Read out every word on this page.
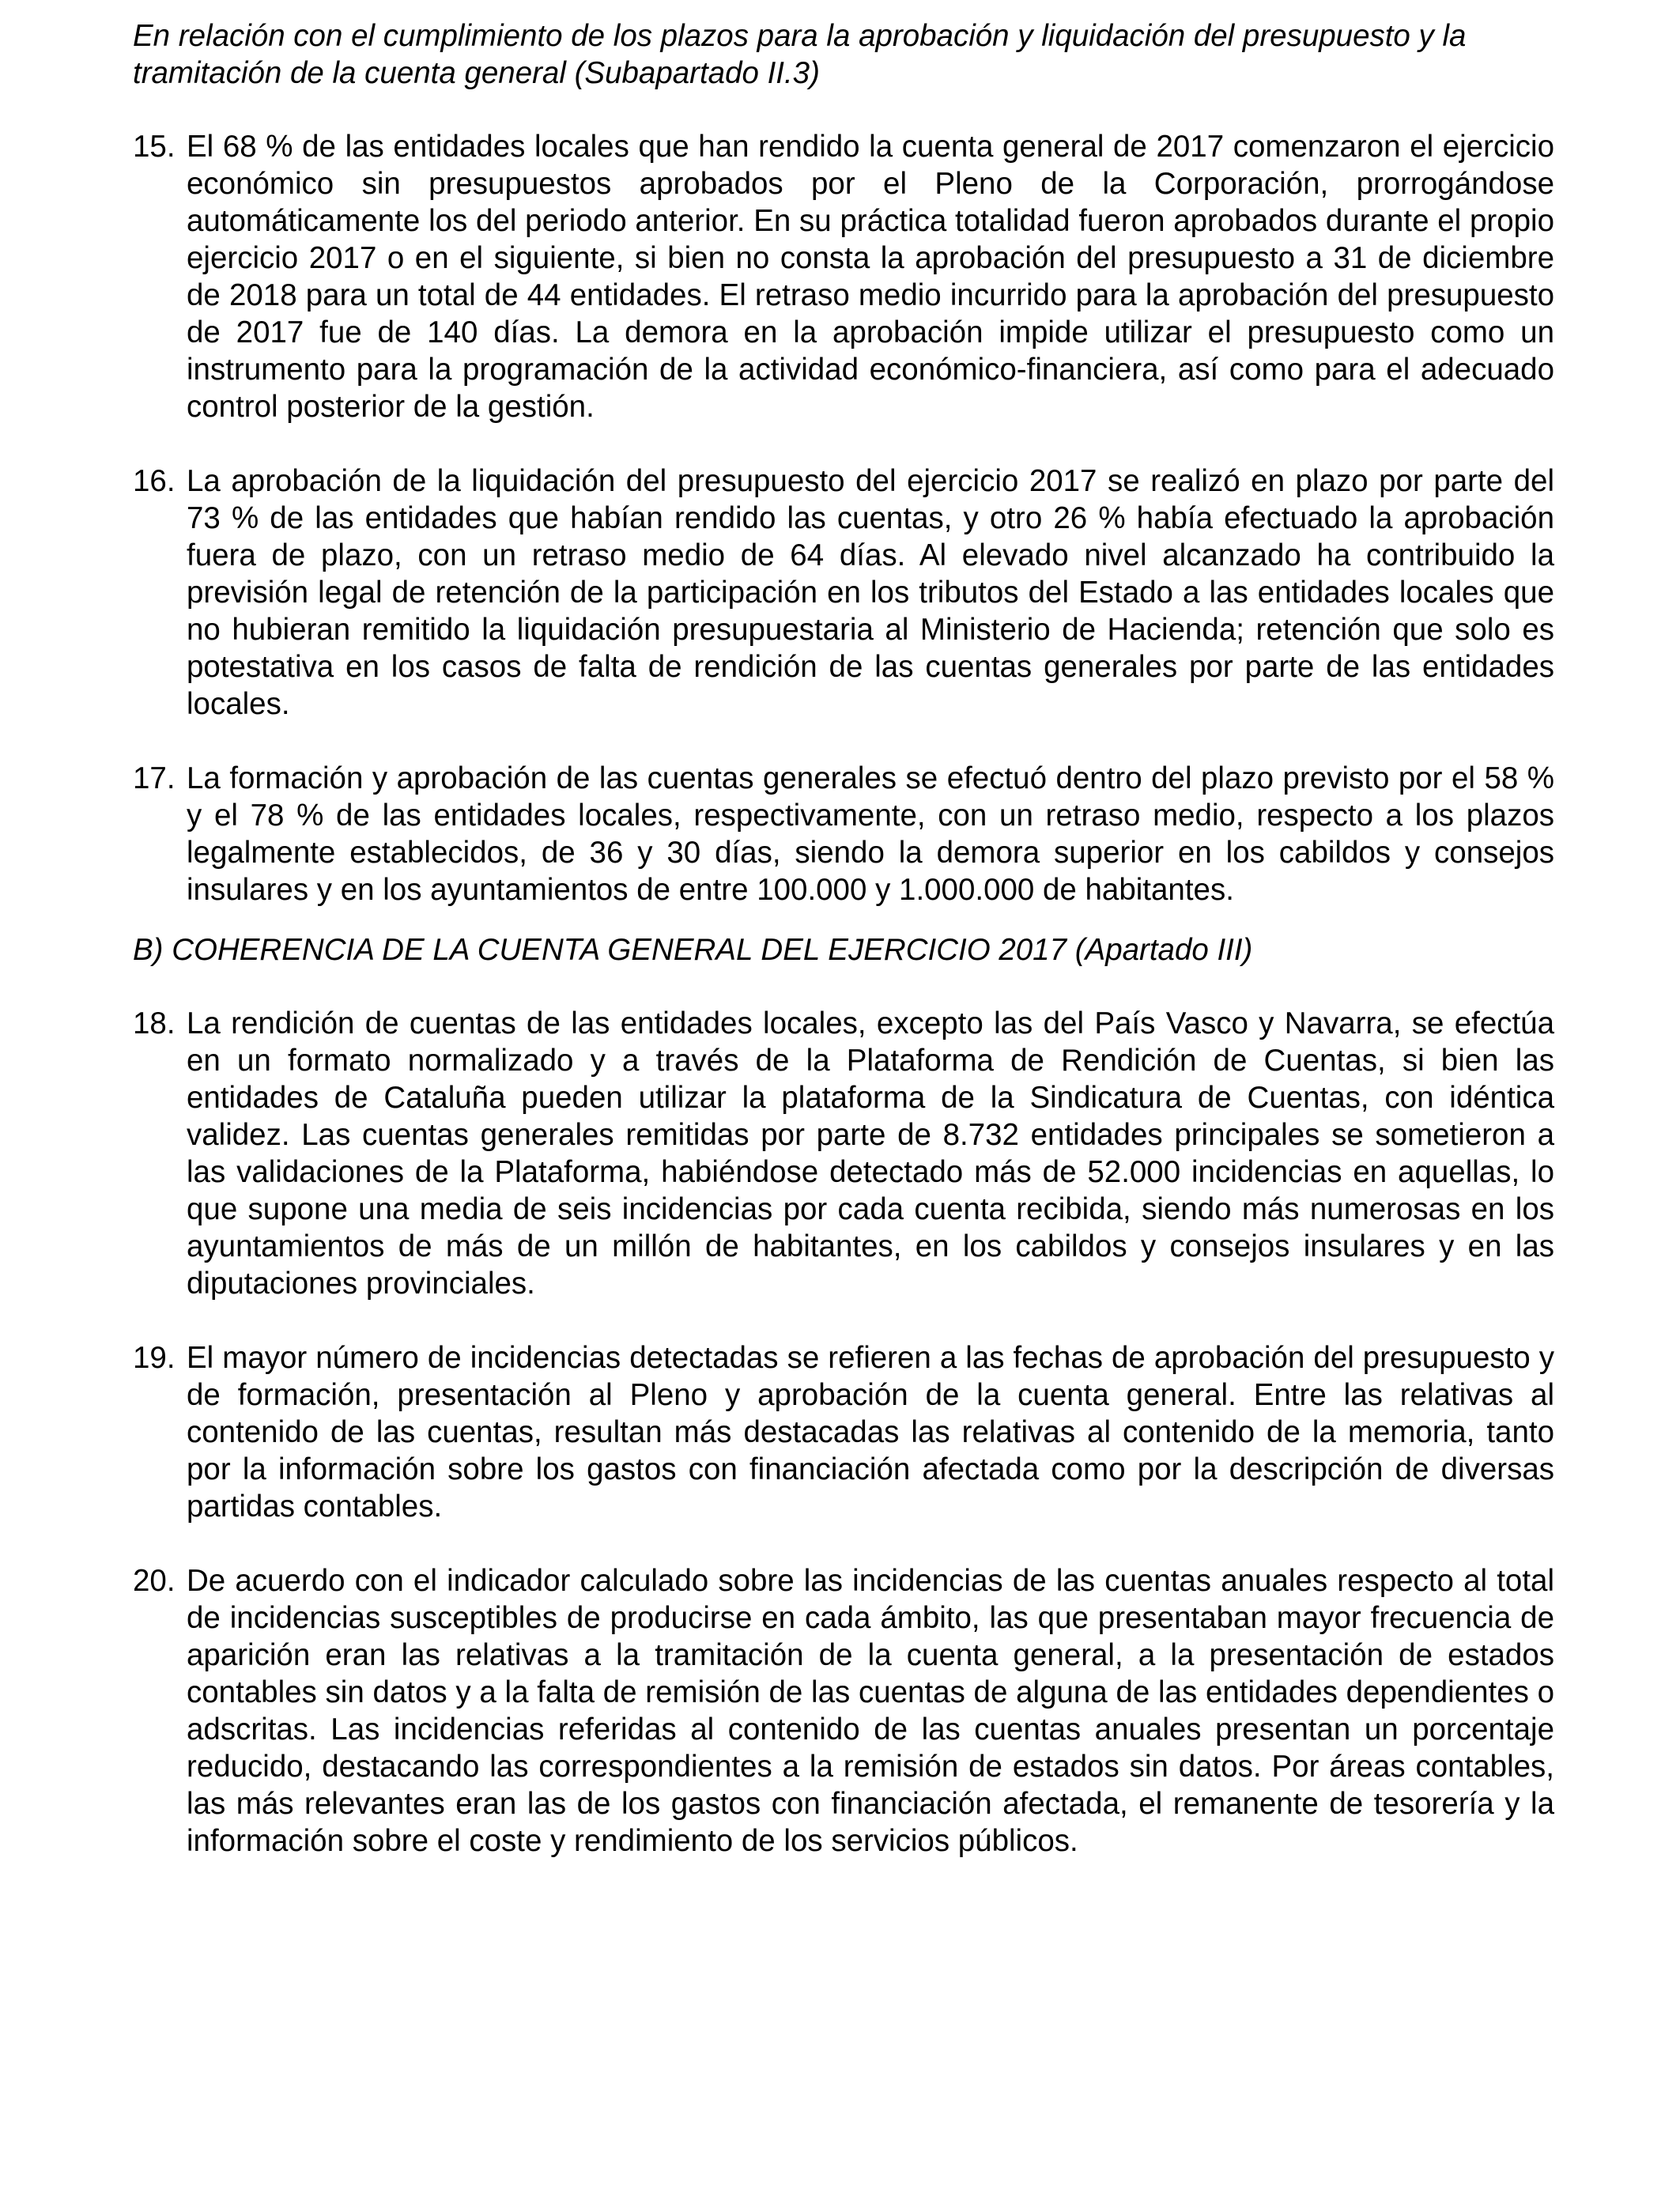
En relación con el cumplimiento de los plazos para la aprobación y liquidación del presupuesto y la tramitación de la cuenta general (Subapartado II.3)

15. El 68 % de las entidades locales que han rendido la cuenta general de 2017 comenzaron el ejercicio económico sin presupuestos aprobados por el Pleno de la Corporación, prorrogándose automáticamente los del periodo anterior. En su práctica totalidad fueron aprobados durante el propio ejercicio 2017 o en el siguiente, si bien no consta la aprobación del presupuesto a 31 de diciembre de 2018 para un total de 44 entidades. El retraso medio incurrido para la aprobación del presupuesto de 2017 fue de 140 días. La demora en la aprobación impide utilizar el presupuesto como un instrumento para la programación de la actividad económico-financiera, así como para el adecuado control posterior de la gestión.

16. La aprobación de la liquidación del presupuesto del ejercicio 2017 se realizó en plazo por parte del 73 % de las entidades que habían rendido las cuentas, y otro 26 % había efectuado la aprobación fuera de plazo, con un retraso medio de 64 días. Al elevado nivel alcanzado ha contribuido la previsión legal de retención de la participación en los tributos del Estado a las entidades locales que no hubieran remitido la liquidación presupuestaria al Ministerio de Hacienda; retención que solo es potestativa en los casos de falta de rendición de las cuentas generales por parte de las entidades locales.

17. La formación y aprobación de las cuentas generales se efectuó dentro del plazo previsto por el 58 % y el 78 % de las entidades locales, respectivamente, con un retraso medio, respecto a los plazos legalmente establecidos, de 36 y 30 días, siendo la demora superior en los cabildos y consejos insulares y en los ayuntamientos de entre 100.000 y 1.000.000 de habitantes.

B) COHERENCIA DE LA CUENTA GENERAL DEL EJERCICIO 2017 (Apartado III)

18. La rendición de cuentas de las entidades locales, excepto las del País Vasco y Navarra, se efectúa en un formato normalizado y a través de la Plataforma de Rendición de Cuentas, si bien las entidades de Cataluña pueden utilizar la plataforma de la Sindicatura de Cuentas, con idéntica validez. Las cuentas generales remitidas por parte de 8.732 entidades principales se sometieron a las validaciones de la Plataforma, habiéndose detectado más de 52.000 incidencias en aquellas, lo que supone una media de seis incidencias por cada cuenta recibida, siendo más numerosas en los ayuntamientos de más de un millón de habitantes, en los cabildos y consejos insulares y en las diputaciones provinciales.

19. El mayor número de incidencias detectadas se refieren a las fechas de aprobación del presupuesto y de formación, presentación al Pleno y aprobación de la cuenta general. Entre las relativas al contenido de las cuentas, resultan más destacadas las relativas al contenido de la memoria, tanto por la información sobre los gastos con financiación afectada como por la descripción de diversas partidas contables.

20. De acuerdo con el indicador calculado sobre las incidencias de las cuentas anuales respecto al total de incidencias susceptibles de producirse en cada ámbito, las que presentaban mayor frecuencia de aparición eran las relativas a la tramitación de la cuenta general, a la presentación de estados contables sin datos y a la falta de remisión de las cuentas de alguna de las entidades dependientes o adscritas. Las incidencias referidas al contenido de las cuentas anuales presentan un porcentaje reducido, destacando las correspondientes a la remisión de estados sin datos. Por áreas contables, las más relevantes eran las de los gastos con financiación afectada, el remanente de tesorería y la información sobre el coste y rendimiento de los servicios públicos.
